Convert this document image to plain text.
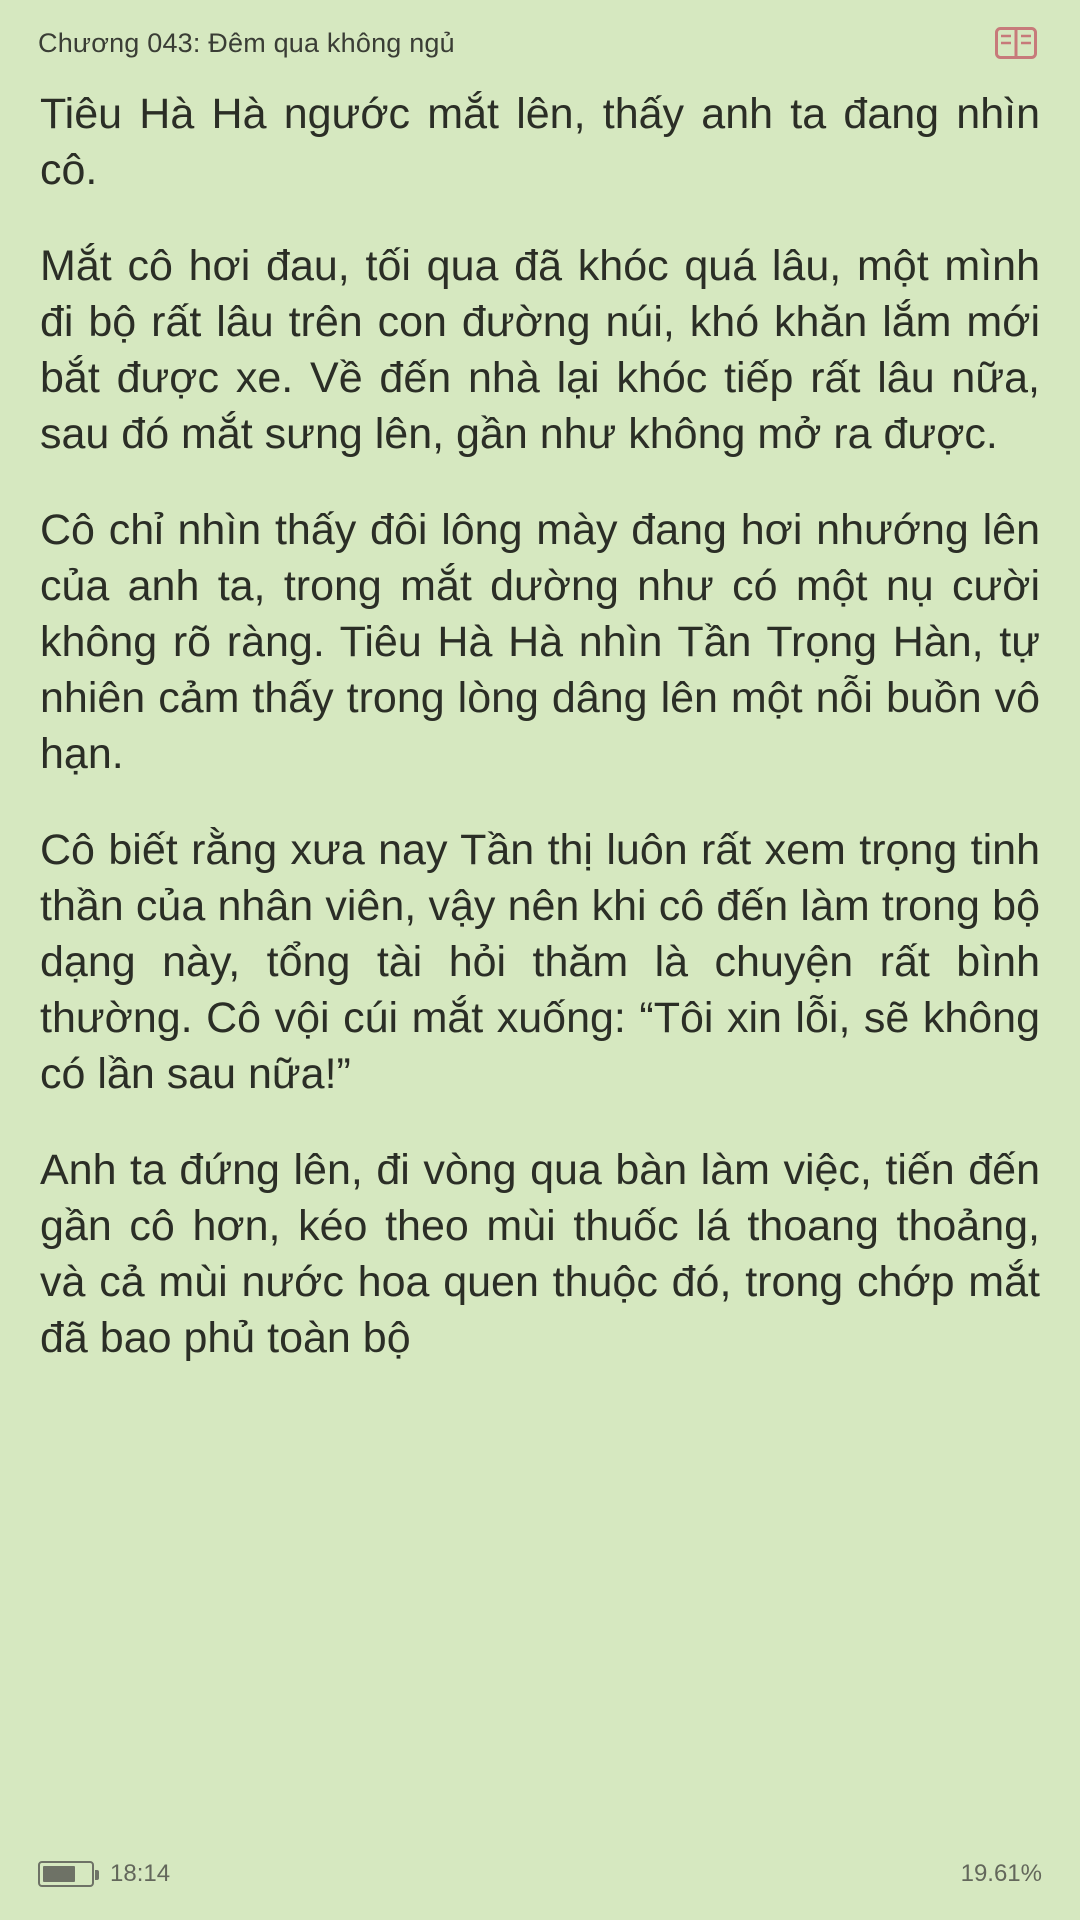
Chương 043: Đêm qua không ngủ

Tiêu Hà Hà ngước mắt lên, thấy anh ta đang nhìn cô.

Mắt cô hơi đau, tối qua đã khóc quá lâu, một mình đi bộ rất lâu trên con đường núi, khó khăn lắm mới bắt được xe. Về đến nhà lại khóc tiếp rất lâu nữa, sau đó mắt sưng lên, gần như không mở ra được.

Cô chỉ nhìn thấy đôi lông mày đang hơi nhướng lên của anh ta, trong mắt dường như có một nụ cười không rõ ràng. Tiêu Hà Hà nhìn Tần Trọng Hàn, tự nhiên cảm thấy trong lòng dâng lên một nỗi buồn vô hạn.

Cô biết rằng xưa nay Tần thị luôn rất xem trọng tinh thần của nhân viên, vậy nên khi cô đến làm trong bộ dạng này, tổng tài hỏi thăm là chuyện rất bình thường. Cô vội cúi mắt xuống: “Tôi xin lỗi, sẽ không có lần sau nữa!”

Anh ta đứng lên, đi vòng qua bàn làm việc, tiến đến gần cô hơn, kéo theo mùi thuốc lá thoang thoảng, và cả mùi nước hoa quen thuộc đó, trong chớp mắt đã bao phủ toàn bộ

18:14	19.61%
